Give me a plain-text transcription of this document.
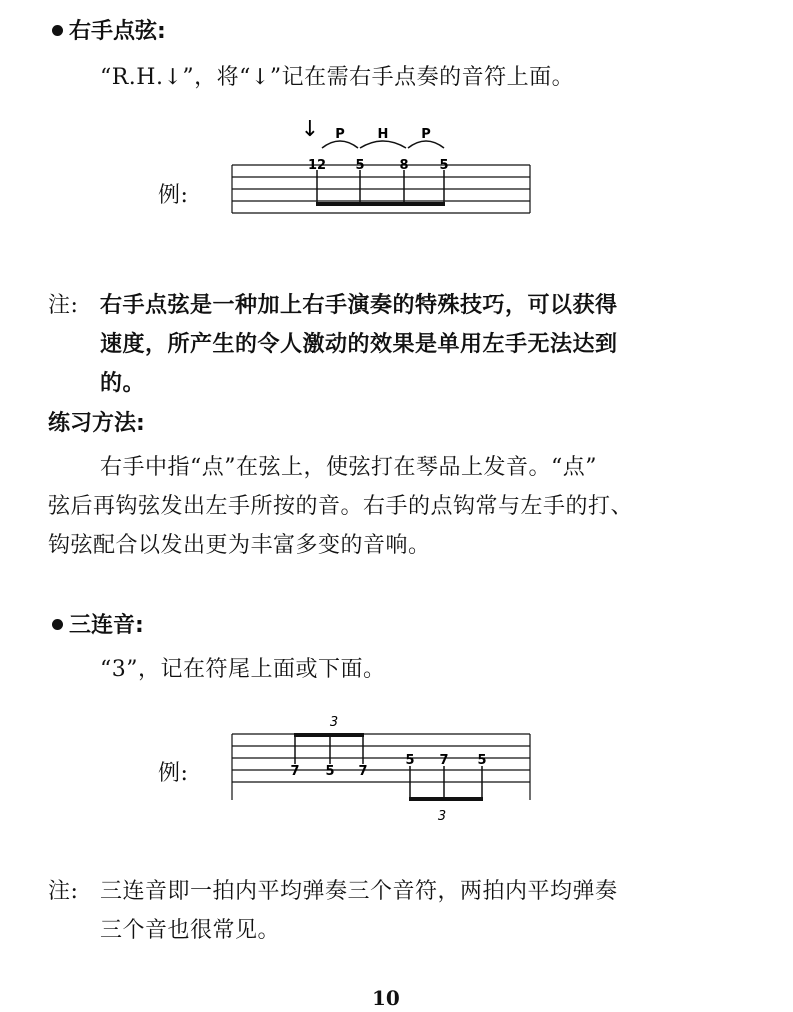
右手点弦:
“R.H.↓”，将“↓”记在需右手点奏的音符上面。
例:
↓ P	H	P
12 5	8 5
注: 右手点弦是一种加上右手演奏的特殊技巧，可以获得
速度，所产生的令人激动的效果是单用左手无法达到
的。
练习方法:
右手中指“点”在弦上，使弦打在琴品上发音。“点”
弦后再钩弦发出左手所按的音。右手的点钩常与左手的打、
钩弦配合以发出更为丰富多变的音响。
三连音:
“3”，记在符尾上面或下面。
例:
3
7 5 7
5 7 5
3
注: 三连音即一拍内平均弹奏三个音符，两拍内平均弹奏
三个音也很常见。
10
